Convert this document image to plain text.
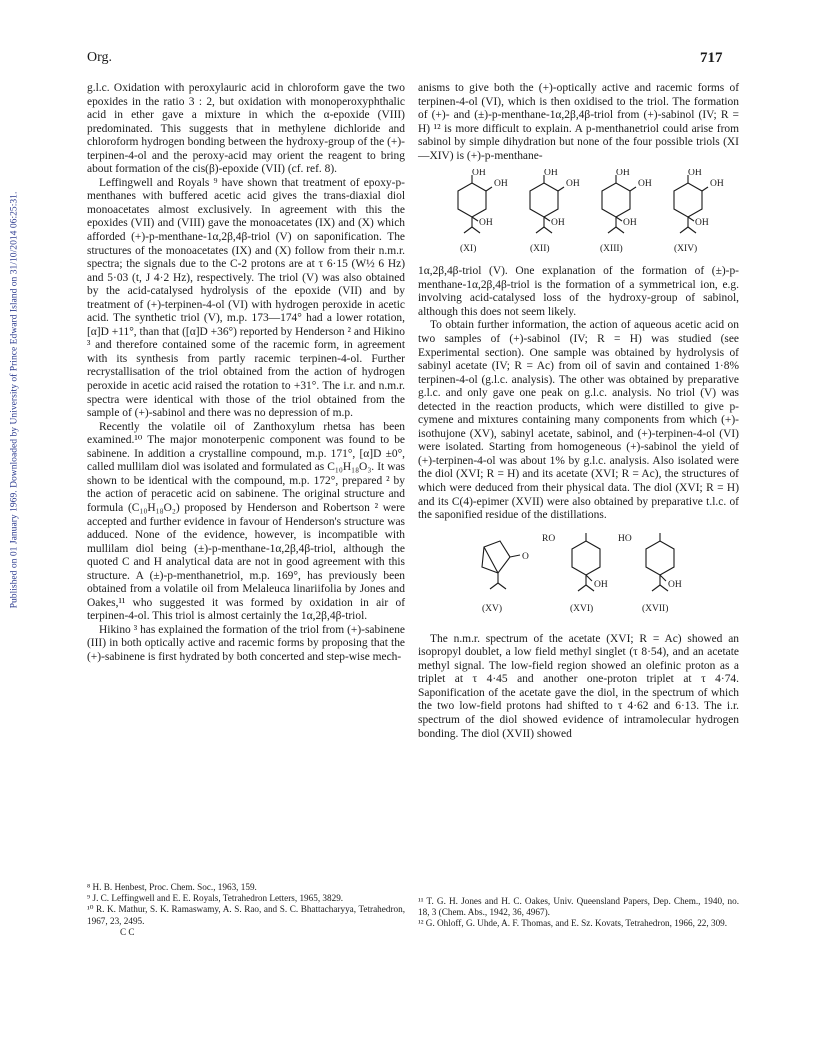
Published on 01 January 1969. Downloaded by University of Prince Edward Island on 31/10/2014 06:25:31.
Org.	717

g.l.c. Oxidation with peroxylauric acid in chloroform gave the two epoxides in the ratio 3 : 2, but oxidation with monoperoxyphthalic acid in ether gave a mixture in which the α-epoxide (VIII) predominated. This suggests that in methylene dichloride and chloroform hydrogen bonding between the hydroxy-group of the (+)-terpinen-4-ol and the peroxy-acid may orient the reagent to bring about formation of the cis(β)-epoxide (VII) (cf. ref. 8).

Leffingwell and Royals ⁹ have shown that treatment of epoxy-p-menthanes with buffered acetic acid gives the trans-diaxial diol monoacetates almost exclusively. In agreement with this the epoxides (VII) and (VIII) gave the monoacetates (IX) and (X) which afforded (+)-p-menthane-1α,2β,4β-triol (V) on saponification. The structures of the monoacetates (IX) and (X) follow from their n.m.r. spectra; the signals due to the C-2 protons are at τ 6·15 (W½ 6 Hz) and 5·03 (t, J 4·2 Hz), respectively. The triol (V) was also obtained by the acid-catalysed hydrolysis of the epoxide (VII) and by treatment of (+)-terpinen-4-ol (VI) with hydrogen peroxide in acetic acid. The synthetic triol (V), m.p. 173—174° had a lower rotation, [α]D +11°, than that ([α]D +36°) reported by Henderson ² and Hikino ³ and therefore contained some of the racemic form, in agreement with its synthesis from partly racemic terpinen-4-ol. Further recrystallisation of the triol obtained from the action of hydrogen peroxide in acetic acid raised the rotation to +31°. The i.r. and n.m.r. spectra were identical with those of the triol obtained from the sample of (+)-sabinol and there was no depression of m.p.

Recently the volatile oil of Zanthoxylum rhetsa has been examined.¹⁰ The major monoterpenic component was found to be sabinene. In addition a crystalline compound, m.p. 171°, [α]D ±0°, called mullilam diol was isolated and formulated as C₁₀H₁₈O₃. It was shown to be identical with the compound, m.p. 172°, prepared ² by the action of peracetic acid on sabinene. The original structure and formula (C₁₀H₁₈O₂) proposed by Henderson and Robertson ² were accepted and further evidence in favour of Henderson's structure was adduced. None of the evidence, however, is incompatible with mullilam diol being (±)-p-menthane-1α,2β,4β-triol, although the quoted C and H analytical data are not in good agreement with this structure. A (±)-p-menthanetriol, m.p. 169°, has previously been obtained from a volatile oil from Melaleuca linariifolia by Jones and Oakes,¹¹ who suggested it was formed by oxidation in air of terpinen-4-ol. This triol is almost certainly the 1α,2β,4β-triol.

Hikino ³ has explained the formation of the triol from (+)-sabinene (III) in both optically active and racemic forms by proposing that the (+)-sabinene is first hydrated by both concerted and step-wise mech-

⁸ H. B. Henbest, Proc. Chem. Soc., 1963, 159.

⁹ J. C. Leffingwell and E. E. Royals, Tetrahedron Letters, 1965, 3829.

¹⁰ R. K. Mathur, S. K. Ramaswamy, A. S. Rao, and S. C. Bhattacharyya, Tetrahedron, 1967, 23, 2495.

C C

anisms to give both the (+)-optically active and racemic forms of terpinen-4-ol (VI), which is then oxidised to the triol. The formation of (+)- and (±)-p-menthane-1α,2β,4β-triol from (+)-sabinol (IV; R = H) ¹² is more difficult to explain. A p-menthanetriol could arise from sabinol by simple dihydration but none of the four possible triols (XI—XIV) is (+)-p-menthane-

OH
OH
OH
(XI)
OH
OH
OH
(XII)
OH
OH
OH
(XIII)
OH
OH
OH
(XIV)

1α,2β,4β-triol (V). One explanation of the formation of (±)-p-menthane-1α,2β,4β-triol is the formation of a symmetrical ion, e.g. involving acid-catalysed loss of the hydroxy-group of sabinol, although this does not seem likely.

To obtain further information, the action of aqueous acetic acid on two samples of (+)-sabinol (IV; R = H) was studied (see Experimental section). One sample was obtained by hydrolysis of sabinyl acetate (IV; R = Ac) from oil of savin and contained 1·8% terpinen-4-ol (g.l.c. analysis). The other was obtained by preparative g.l.c. and only gave one peak on g.l.c. analysis. No triol (V) was detected in the reaction products, which were distilled to give p-cymene and mixtures containing many components from which (+)-isothujone (XV), sabinyl acetate, sabinol, and (+)-terpinen-4-ol (VI) were isolated. Starting from homogeneous (+)-sabinol the yield of (+)-terpinen-4-ol was about 1% by g.l.c. analysis. Also isolated were the diol (XVI; R = H) and its acetate (XVI; R = Ac), the structures of which were deduced from their physical data. The diol (XVI; R = H) and its C(4)-epimer (XVII) were also obtained by preparative t.l.c. of the saponified residue of the distillations.

O
(XV)
RO
OH
(XVI)
HO
OH
(XVII)

The n.m.r. spectrum of the acetate (XVI; R = Ac) showed an isopropyl doublet, a low field methyl singlet (τ 8·54), and an acetate methyl signal. The low-field region showed an olefinic proton as a triplet at τ 4·45 and another one-proton triplet at τ 4·74. Saponification of the acetate gave the diol, in the spectrum of which the two low-field protons had shifted to τ 4·62 and 6·13. The i.r. spectrum of the diol showed evidence of intramolecular hydrogen bonding. The diol (XVII) showed

¹¹ T. G. H. Jones and H. C. Oakes, Univ. Queensland Papers, Dep. Chem., 1940, no. 18, 3 (Chem. Abs., 1942, 36, 4967).

¹² G. Ohloff, G. Uhde, A. F. Thomas, and E. Sz. Kovats, Tetrahedron, 1966, 22, 309.
